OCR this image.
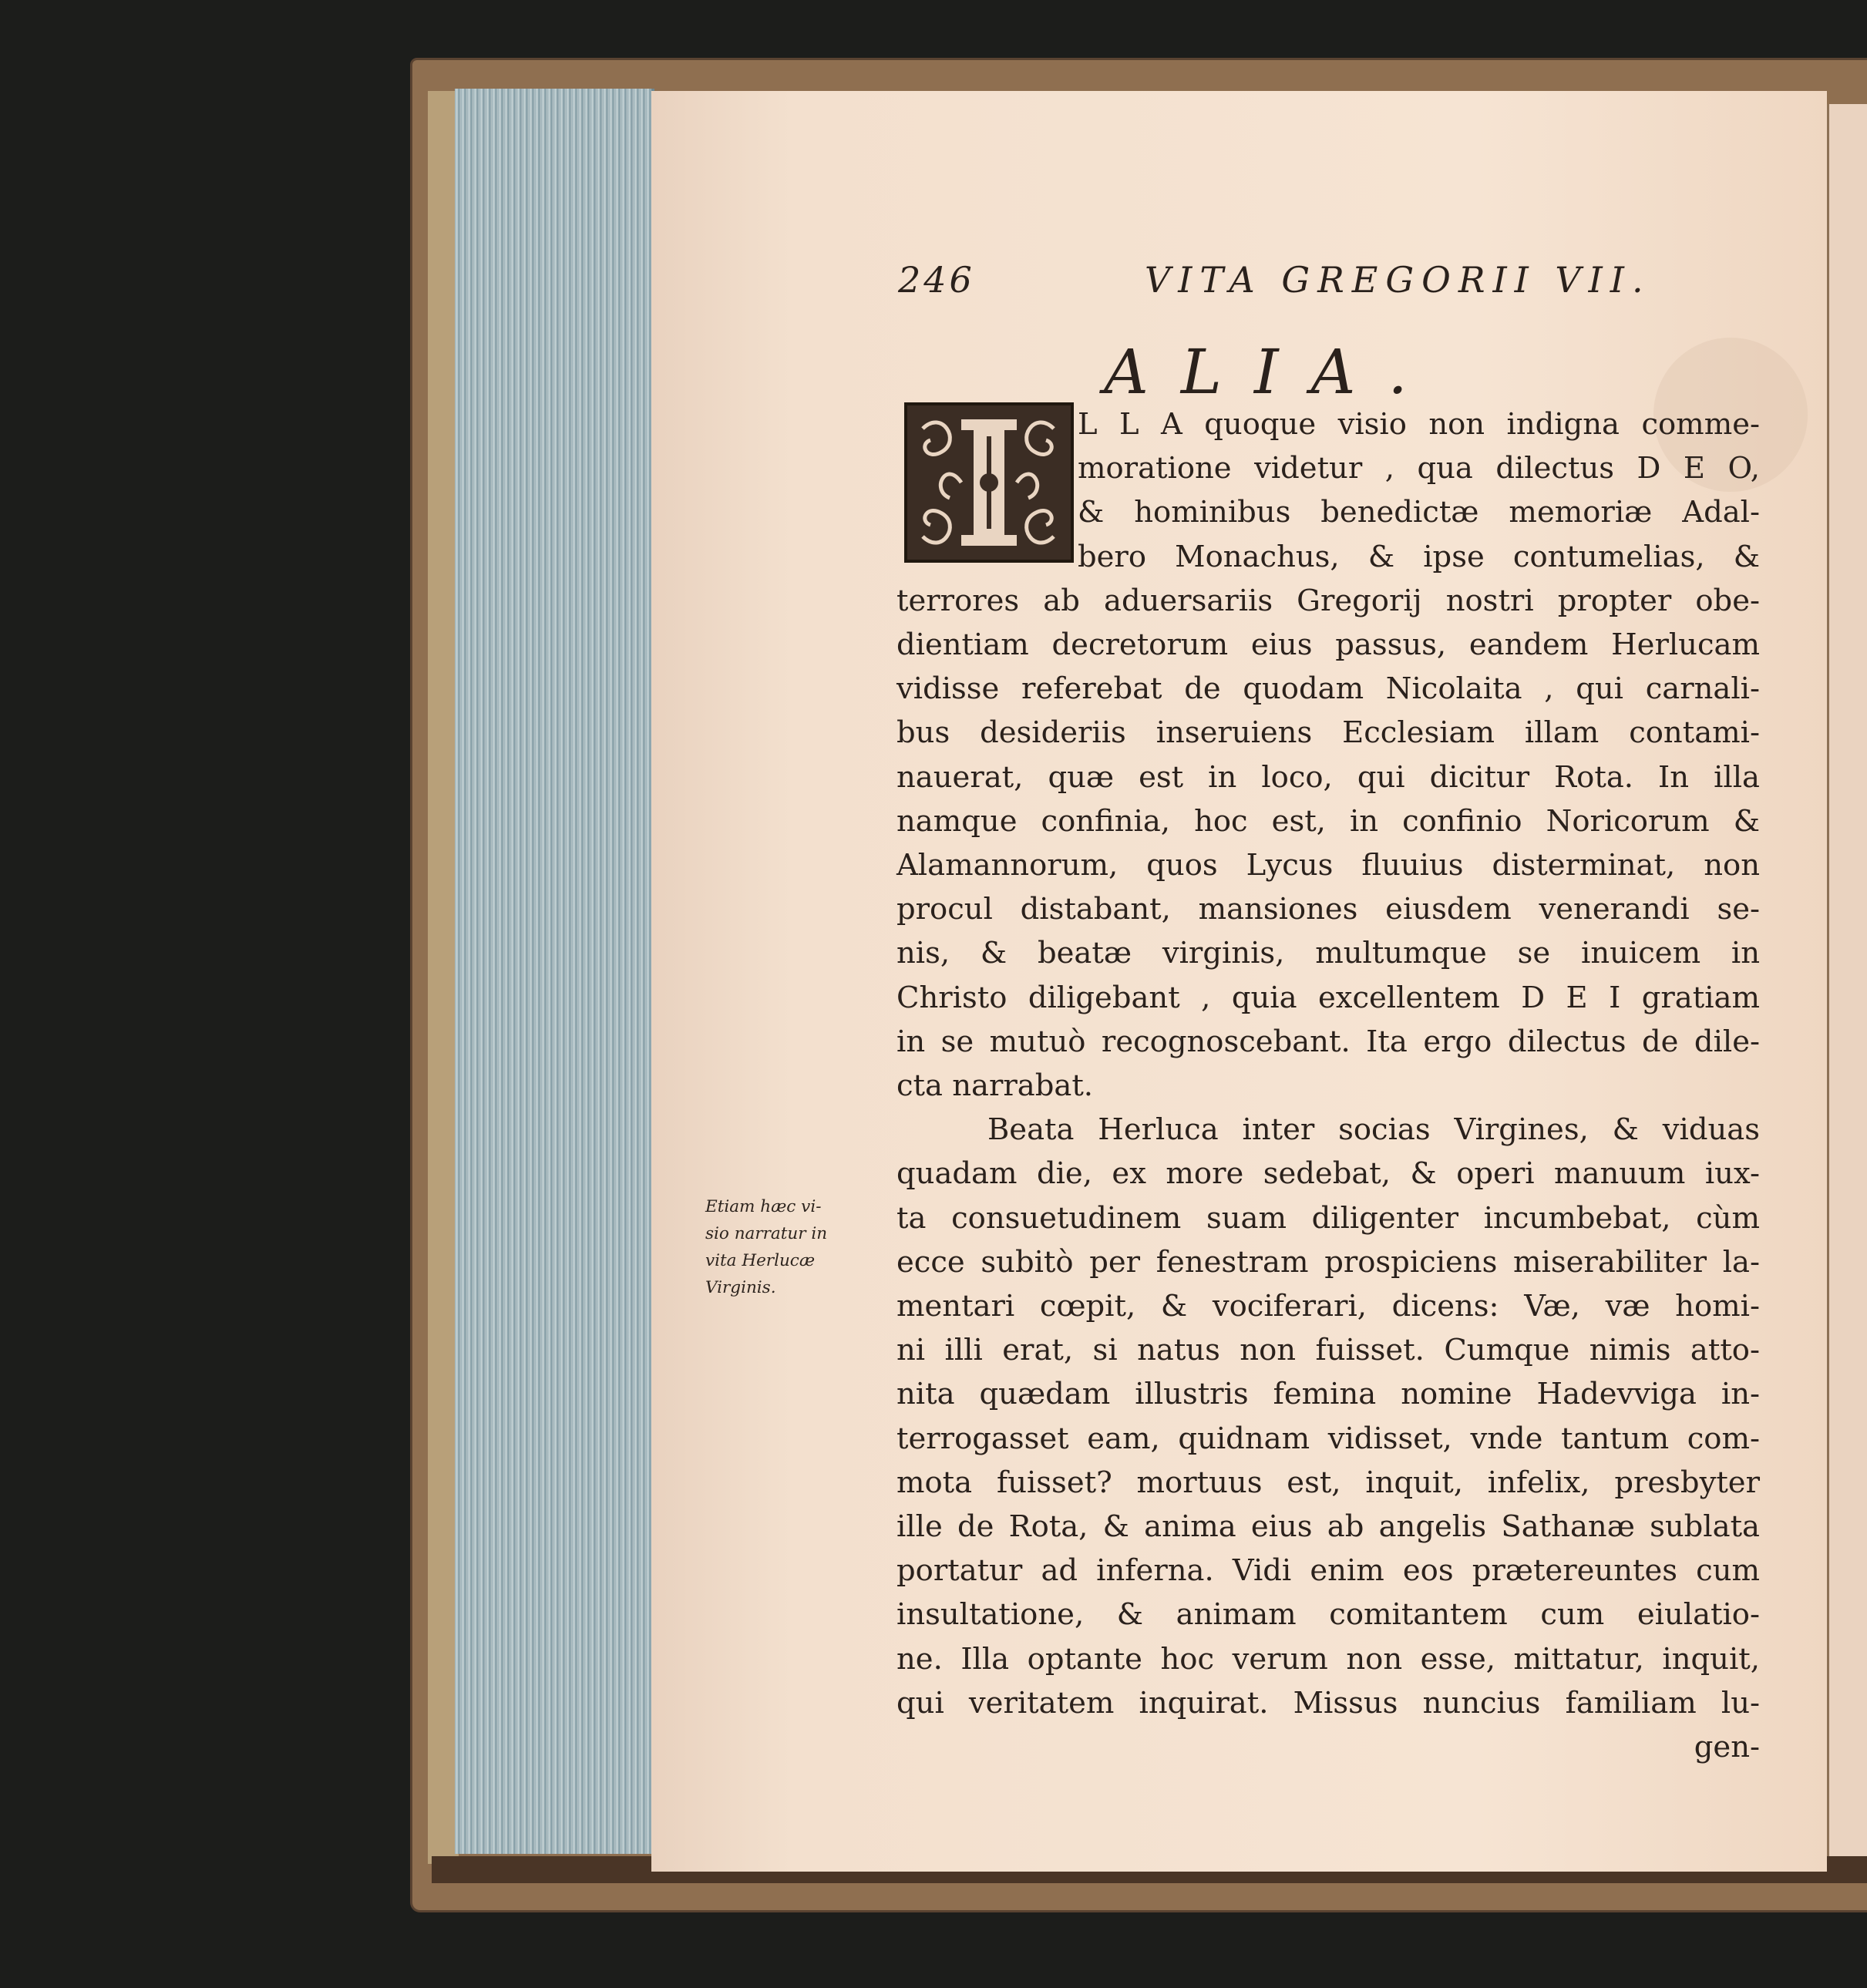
246	VITA GREGORII VII.
ALIA.
L L A quoque visio non indigna comme-
moratione videtur , qua dilectus D E O,
& hominibus benedictæ memoriæ Adal-
bero Monachus, & ipse contumelias, &
terrores ab aduersariis Gregorij nostri propter obe-
dientiam decretorum eius passus, eandem Herlucam
vidisse referebat de quodam Nicolaita , qui carnali-
bus desideriis inseruiens Ecclesiam illam contami-
nauerat, quæ est in loco, qui dicitur Rota. In illa
namque confinia, hoc est, in confinio Noricorum &
Alamannorum, quos Lycus fluuius disterminat, non
procul distabant, mansiones eiusdem venerandi se-
nis, & beatæ virginis, multumque se inuicem in
Christo diligebant , quia excellentem D E I gratiam
in se mutuò recognoscebant. Ita ergo dilectus de dile-
cta narrabat.
Beata Herluca inter socias Virgines, & viduas
quadam die, ex more sedebat, & operi manuum iux-
ta consuetudinem suam diligenter incumbebat, cùm
ecce subitò per fenestram prospiciens miserabiliter la-
mentari cœpit, & vociferari, dicens: Væ, væ homi-
ni illi erat, si natus non fuisset. Cumque nimis atto-
nita quædam illustris femina nomine Hadevviga in-
terrogasset eam, quidnam vidisset, vnde tantum com-
mota fuisset? mortuus est, inquit, infelix, presbyter
ille de Rota, & anima eius ab angelis Sathanæ sublata
portatur ad inferna. Vidi enim eos prætereuntes cum
insultatione, & animam comitantem cum eiulatio-
ne. Illa optante hoc verum non esse, mittatur, inquit,
qui veritatem inquirat. Missus nuncius familiam lu-
gen-
Etiam hæc vi-
sio narratur in
vita Herlucæ
Virginis.
